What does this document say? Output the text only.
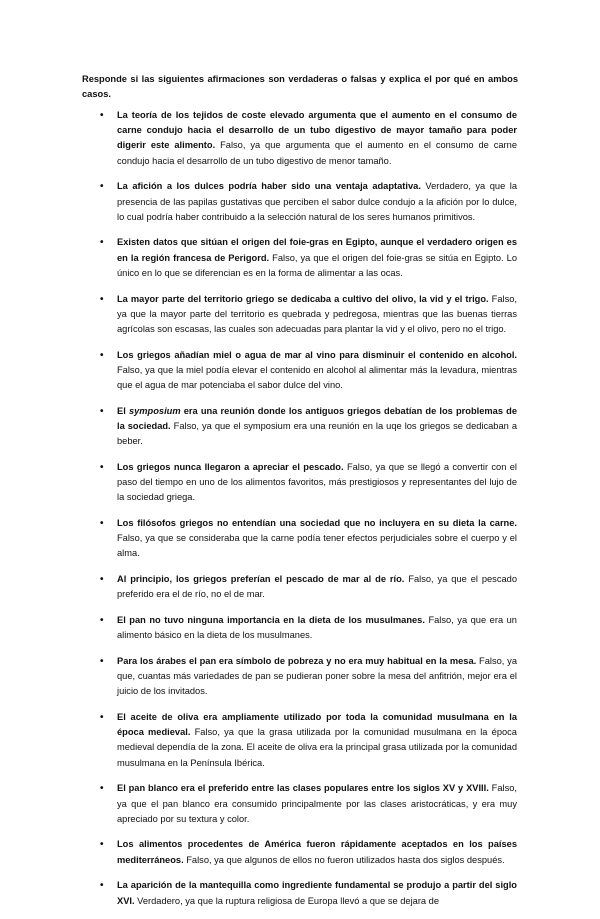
Responde si las siguientes afirmaciones son verdaderas o falsas y explica el por qué en ambos casos.
• La teoría de los tejidos de coste elevado argumenta que el aumento en el consumo de carne condujo hacia el desarrollo de un tubo digestivo de mayor tamaño para poder digerir este alimento. Falso, ya que argumenta que el aumento en el consumo de carne condujo hacia el desarrollo de un tubo digestivo de menor tamaño.
• La afición a los dulces podría haber sido una ventaja adaptativa. Verdadero, ya que la presencia de las papilas gustativas que perciben el sabor dulce condujo a la afición por lo dulce, lo cual podría haber contribuido a la selección natural de los seres humanos primitivos.
• Existen datos que sitúan el origen del foie-gras en Egipto, aunque el verdadero origen es en la región francesa de Perigord. Falso, ya que el origen del foie-gras se sitúa en Egipto. Lo único en lo que se diferencian es en la forma de alimentar a las ocas.
• La mayor parte del territorio griego se dedicaba a cultivo del olivo, la vid y el trigo. Falso, ya que la mayor parte del territorio es quebrada y pedregosa, mientras que las buenas tierras agrícolas son escasas, las cuales son adecuadas para plantar la vid y el olivo, pero no el trigo.
• Los griegos añadían miel o agua de mar al vino para disminuir el contenido en alcohol. Falso, ya que la miel podía elevar el contenido en alcohol al alimentar más la levadura, mientras que el agua de mar potenciaba el sabor dulce del vino.
• El symposium era una reunión donde los antiguos griegos debatían de los problemas de la sociedad. Falso, ya que el symposium era una reunión en la uqe los griegos se dedicaban a beber.
• Los griegos nunca llegaron a apreciar el pescado. Falso, ya que se llegó a convertir con el paso del tiempo en uno de los alimentos favoritos, más prestigiosos y representantes del lujo de la sociedad griega.
• Los filósofos griegos no entendían una sociedad que no incluyera en su dieta la carne. Falso, ya que se consideraba que la carne podía tener efectos perjudiciales sobre el cuerpo y el alma.
• Al principio, los griegos preferían el pescado de mar al de río. Falso, ya que el pescado preferido era el de río, no el de mar.
• El pan no tuvo ninguna importancia en la dieta de los musulmanes. Falso, ya que era un alimento básico en la dieta de los musulmanes.
• Para los árabes el pan era símbolo de pobreza y no era muy habitual en la mesa. Falso, ya que, cuantas más variedades de pan se pudieran poner sobre la mesa del anfitrión, mejor era el juicio de los invitados.
• El aceite de oliva era ampliamente utilizado por toda la comunidad musulmana en la época medieval. Falso, ya que la grasa utilizada por la comunidad musulmana en la época medieval dependía de la zona. El aceite de oliva era la principal grasa utilizada por la comunidad musulmana en la Península Ibérica.
• El pan blanco era el preferido entre las clases populares entre los siglos XV y XVIII. Falso, ya que el pan blanco era consumido principalmente por las clases aristocráticas, y era muy apreciado por su textura y color.
• Los alimentos procedentes de América fueron rápidamente aceptados en los países mediterráneos. Falso, ya que algunos de ellos no fueron utilizados hasta dos siglos después.
• La aparición de la mantequilla como ingrediente fundamental se produjo a partir del siglo XVI. Verdadero, ya que la ruptura religiosa de Europa llevó a que se dejara de
